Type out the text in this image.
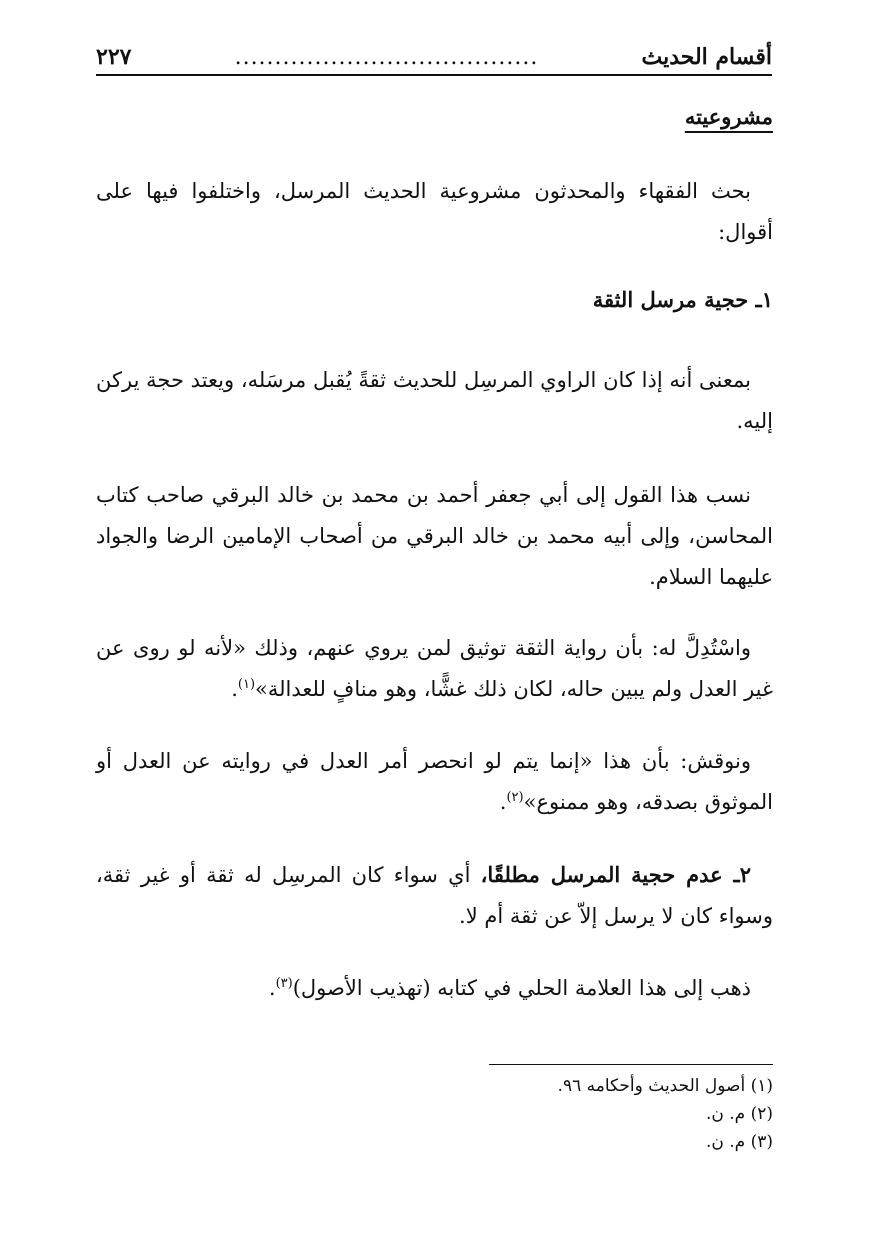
أقسام الحديث
......................................
٢٢٧

مشروعيته

بحث الفقهاء والمحدثون مشروعية الحديث المرسل، واختلفوا فيها على أقوال:

١ـ حجية مرسل الثقة

بمعنى أنه إذا كان الراوي المرسِل للحديث ثقةً يُقبل مرسَله، ويعتد حجة يركن إليه.

نسب هذا القول إلى أبي جعفر أحمد بن محمد بن خالد البرقي صاحب كتاب المحاسن، وإلى أبيه محمد بن خالد البرقي من أصحاب الإمامين الرضا والجواد عليهما السلام.

واسْتُدِلَّ له: بأن رواية الثقة توثيق لمن يروي عنهم، وذلك «لأنه لو روى عن غير العدل ولم يبين حاله، لكان ذلك غشًّا، وهو منافٍ للعدالة»$^{(١)}$.

ونوقش: بأن هذا «إنما يتم لو انحصر أمر العدل في روايته عن العدل أو الموثوق بصدقه، وهو ممنوع»$^{(٢)}$.

٢ـ عدم حجية المرسل مطلقًا، أي سواء كان المرسِل له ثقة أو غير ثقة، وسواء كان لا يرسل إلاّ عن ثقة أم لا.

ذهب إلى هذا العلامة الحلي في كتابه (تهذيب الأصول)$^{(٣)}$.

(١) أصول الحديث وأحكامه ٩٦.
(٢) م. ن.
(٣) م. ن.
